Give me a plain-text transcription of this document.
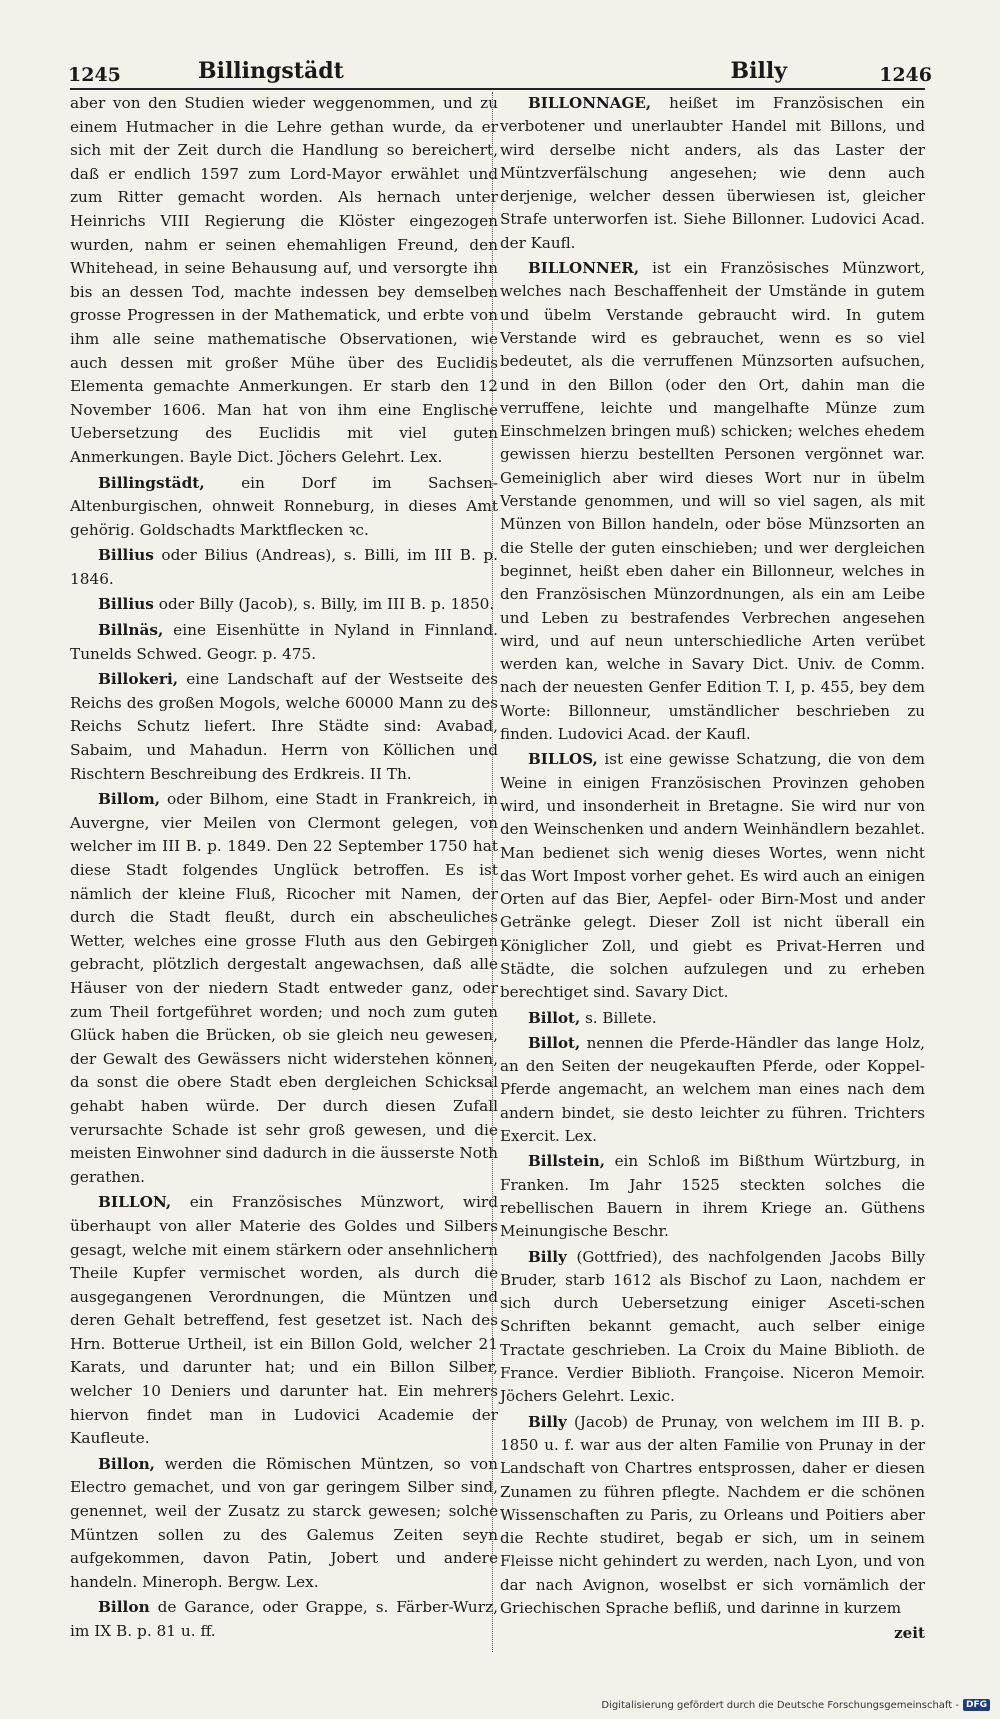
1245	Billingstädt	Billy	1246

aber von den Studien wieder weggenommen, und zu einem Hutmacher in die Lehre gethan wurde, da er sich mit der Zeit durch die Handlung so bereichert, daß er endlich 1597 zum Lord-Mayor erwählet und zum Ritter gemacht worden. Als hernach unter Heinrichs VIII Regierung die Klöster eingezogen wurden, nahm er seinen ehemahligen Freund, den Whitehead, in seine Behausung auf, und versorgte ihn bis an dessen Tod, machte indessen bey demselben grosse Progressen in der Mathematick, und erbte von ihm alle seine mathematische Observationen, wie auch dessen mit großer Mühe über des Euclidis Elementa gemachte Anmerkungen. Er starb den 12 November 1606. Man hat von ihm eine Englische Uebersetzung des Euclidis mit viel guten Anmerkungen. Bayle Dict. Jöchers Gelehrt. Lex.

Billingstädt, ein Dorf im Sachsen-Altenburgischen, ohnweit Ronneburg, in dieses Amt gehörig. Goldschadts Marktflecken ꝛc.

Billius oder Bilius (Andreas), s. Billi, im III B. p. 1846.

Billius oder Billy (Jacob), s. Billy, im III B. p. 1850.

Billnäs, eine Eisenhütte in Nyland in Finnland. Tunelds Schwed. Geogr. p. 475.

Billokeri, eine Landschaft auf der Westseite des Reichs des großen Mogols, welche 60000 Mann zu des Reichs Schutz liefert. Ihre Städte sind: Avabad, Sabaim, und Mahadun. Herrn von Köllichen und Rischtern Beschreibung des Erdkreis. II Th.

Billom, oder Bilhom, eine Stadt in Frankreich, in Auvergne, vier Meilen von Clermont gelegen, von welcher im III B. p. 1849. Den 22 September 1750 hat diese Stadt folgendes Unglück betroffen. Es ist nämlich der kleine Fluß, Ricocher mit Namen, der durch die Stadt fleußt, durch ein abscheuliches Wetter, welches eine grosse Fluth aus den Gebirgen gebracht, plötzlich dergestalt angewachsen, daß alle Häuser von der niedern Stadt entweder ganz, oder zum Theil fortgeführet worden; und noch zum guten Glück haben die Brücken, ob sie gleich neu gewesen, der Gewalt des Gewässers nicht widerstehen können, da sonst die obere Stadt eben dergleichen Schicksal gehabt haben würde. Der durch diesen Zufall verursachte Schade ist sehr groß gewesen, und die meisten Einwohner sind dadurch in die äusserste Noth gerathen.

BILLON, ein Französisches Münzwort, wird überhaupt von aller Materie des Goldes und Silbers gesagt, welche mit einem stärkern oder ansehnlichern Theile Kupfer vermischet worden, als durch die ausgegangenen Verordnungen, die Müntzen und deren Gehalt betreffend, fest gesetzet ist. Nach des Hrn. Botterue Urtheil, ist ein Billon Gold, welcher 21 Karats, und darunter hat; und ein Billon Silber, welcher 10 Deniers und darunter hat. Ein mehrers hiervon findet man in Ludovici Academie der Kaufleute.

Billon, werden die Römischen Müntzen, so von Electro gemachet, und von gar geringem Silber sind, genennet, weil der Zusatz zu starck gewesen; solche Müntzen sollen zu des Galemus Zeiten seyn aufgekommen, davon Patin, Jobert und andere handeln. Mineroph. Bergw. Lex.

Billon de Garance, oder Grappe, s. Färber-Wurz, im IX B. p. 81 u. ff.

BILLONNAGE, heißet im Französischen ein verbotener und unerlaubter Handel mit Billons, und wird derselbe nicht anders, als das Laster der Müntzverfälschung angesehen; wie denn auch derjenige, welcher dessen überwiesen ist, gleicher Strafe unterworfen ist. Siehe Billonner. Ludovici Acad. der Kaufl.

BILLONNER, ist ein Französisches Münzwort, welches nach Beschaffenheit der Umstände in gutem und übelm Verstande gebraucht wird. In gutem Verstande wird es gebrauchet, wenn es so viel bedeutet, als die verruffenen Münzsorten aufsuchen, und in den Billon (oder den Ort, dahin man die verruffene, leichte und mangelhafte Münze zum Einschmelzen bringen muß) schicken; welches ehedem gewissen hierzu bestellten Personen vergönnet war. Gemeiniglich aber wird dieses Wort nur in übelm Verstande genommen, und will so viel sagen, als mit Münzen von Billon handeln, oder böse Münzsorten an die Stelle der guten einschieben; und wer dergleichen beginnet, heißt eben daher ein Billonneur, welches in den Französischen Münzordnungen, als ein am Leibe und Leben zu bestrafendes Verbrechen angesehen wird, und auf neun unterschiedliche Arten verübet werden kan, welche in Savary Dict. Univ. de Comm. nach der neuesten Genfer Edition T. I, p. 455, bey dem Worte: Billonneur, umständlicher beschrieben zu finden. Ludovici Acad. der Kaufl.

BILLOS, ist eine gewisse Schatzung, die von dem Weine in einigen Französischen Provinzen gehoben wird, und insonderheit in Bretagne. Sie wird nur von den Weinschenken und andern Weinhändlern bezahlet. Man bedienet sich wenig dieses Wortes, wenn nicht das Wort Impost vorher gehet. Es wird auch an einigen Orten auf das Bier, Aepfel- oder Birn-Most und ander Getränke gelegt. Dieser Zoll ist nicht überall ein Königlicher Zoll, und giebt es Privat-Herren und Städte, die solchen aufzulegen und zu erheben berechtiget sind. Savary Dict.

Billot, s. Billete.

Billot, nennen die Pferde-Händler das lange Holz, an den Seiten der neugekauften Pferde, oder Koppel-Pferde angemacht, an welchem man eines nach dem andern bindet, sie desto leichter zu führen. Trichters Exercit. Lex.

Billstein, ein Schloß im Bißthum Würtzburg, in Franken. Im Jahr 1525 steckten solches die rebellischen Bauern in ihrem Kriege an. Güthens Meinungische Beschr.

Billy (Gottfried), des nachfolgenden Jacobs Billy Bruder, starb 1612 als Bischof zu Laon, nachdem er sich durch Uebersetzung einiger Asceti-schen Schriften bekannt gemacht, auch selber einige Tractate geschrieben. La Croix du Maine Biblioth. de France. Verdier Biblioth. Françoise. Niceron Memoir. Jöchers Gelehrt. Lexic.

Billy (Jacob) de Prunay, von welchem im III B. p. 1850 u. f. war aus der alten Familie von Prunay in der Landschaft von Chartres entsprossen, daher er diesen Zunamen zu führen pflegte. Nachdem er die schönen Wissenschaften zu Paris, zu Orleans und Poitiers aber die Rechte studiret, begab er sich, um in seinem Fleisse nicht gehindert zu werden, nach Lyon, und von dar nach Avignon, woselbst er sich vornämlich der Griechischen Sprache befliß, und darinne in kurzem

zeit
Digitalisierung gefördert durch die Deutsche Forschungsgemeinschaft - DFG
